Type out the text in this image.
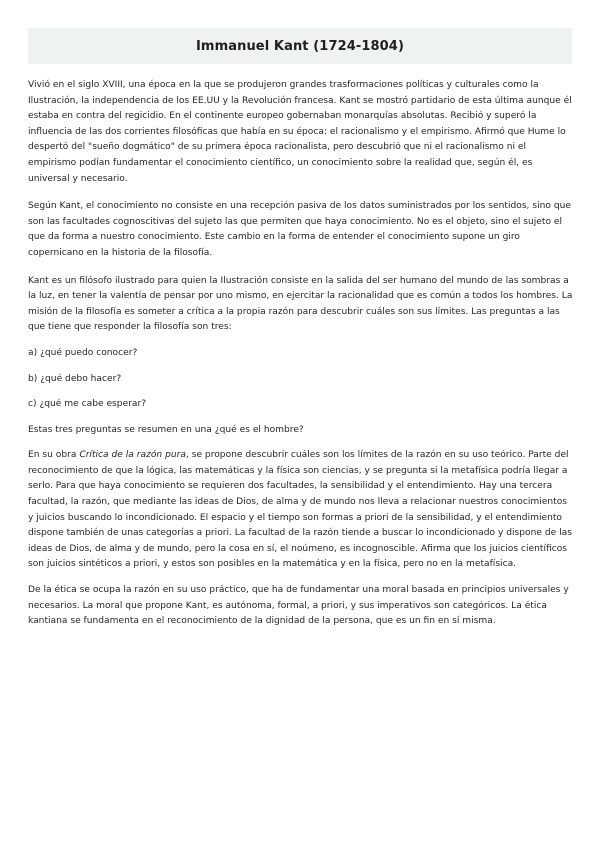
Immanuel Kant (1724-1804)

Vivió en el siglo XVIII, una época en la que se produjeron grandes trasformaciones políticas y culturales como la Ilustración, la independencia de los EE.UU y la Revolución francesa. Kant se mostró partidario de esta última aunque él estaba en contra del regicidio. En el continente europeo gobernaban monarquías absolutas. Recibió y superó la influencia de las dos corrientes filosóficas que había en su época: el racionalismo y el empirismo. Afirmó que Hume lo despertó del "sueño dogmático" de su primera época racionalista, pero descubrió que ni el racionalismo ni el empirismo podían fundamentar el conocimiento científico, un conocimiento sobre la realidad que, según él, es universal y necesario.

Según Kant, el conocimiento no consiste en una recepción pasiva de los datos suministrados por los sentidos, sino que son las facultades cognoscitivas del sujeto las que permiten que haya conocimiento. No es el objeto, sino el sujeto el que da forma a nuestro conocimiento. Este cambio en la forma de entender el conocimiento supone un giro copernicano en la historia de la filosofía.

Kant es un filósofo ilustrado para quien la Ilustración consiste en la salida del ser humano del mundo de las sombras a la luz, en tener la valentía de pensar por uno mismo, en ejercitar la racionalidad que es común a todos los hombres. La misión de la filosofía es someter a crítica a la propia razón para descubrir cuáles son sus límites. Las preguntas a las que tiene que responder la filosofía son tres:

a) ¿qué puedo conocer?

b) ¿qué debo hacer?

c) ¿qué me cabe esperar?

Estas tres preguntas se resumen en una ¿qué es el hombre?

En su obra Crítica de la razón pura, se propone descubrir cuáles son los límites de la razón en su uso teórico. Parte del reconocimiento de que la lógica, las matemáticas y la física son ciencias, y se pregunta si la metafísica podría llegar a serlo. Para que haya conocimiento se requieren dos facultades, la sensibilidad y el entendimiento. Hay una tercera facultad, la razón, que mediante las ideas de Dios, de alma y de mundo nos lleva a relacionar nuestros conocimientos y juicios buscando lo incondicionado. El espacio y el tiempo son formas a priori de la sensibilidad, y el entendimiento dispone también de unas categorías a priori. La facultad de la razón tiende a buscar lo incondicionado y dispone de las ideas de Dios, de alma y de mundo, pero la cosa en sí, el noúmeno, es incognoscible. Afirma que los juicios científicos son juicios sintéticos a priori, y estos son posibles en la matemática y en la física, pero no en la metafísica.

De la ética se ocupa la razón en su uso práctico, que ha de fundamentar una moral basada en principios universales y necesarios. La moral que propone Kant, es autónoma, formal, a priori, y sus imperativos son categóricos. La ética kantiana se fundamenta en el reconocimiento de la dignidad de la persona, que es un fin en sí misma.
